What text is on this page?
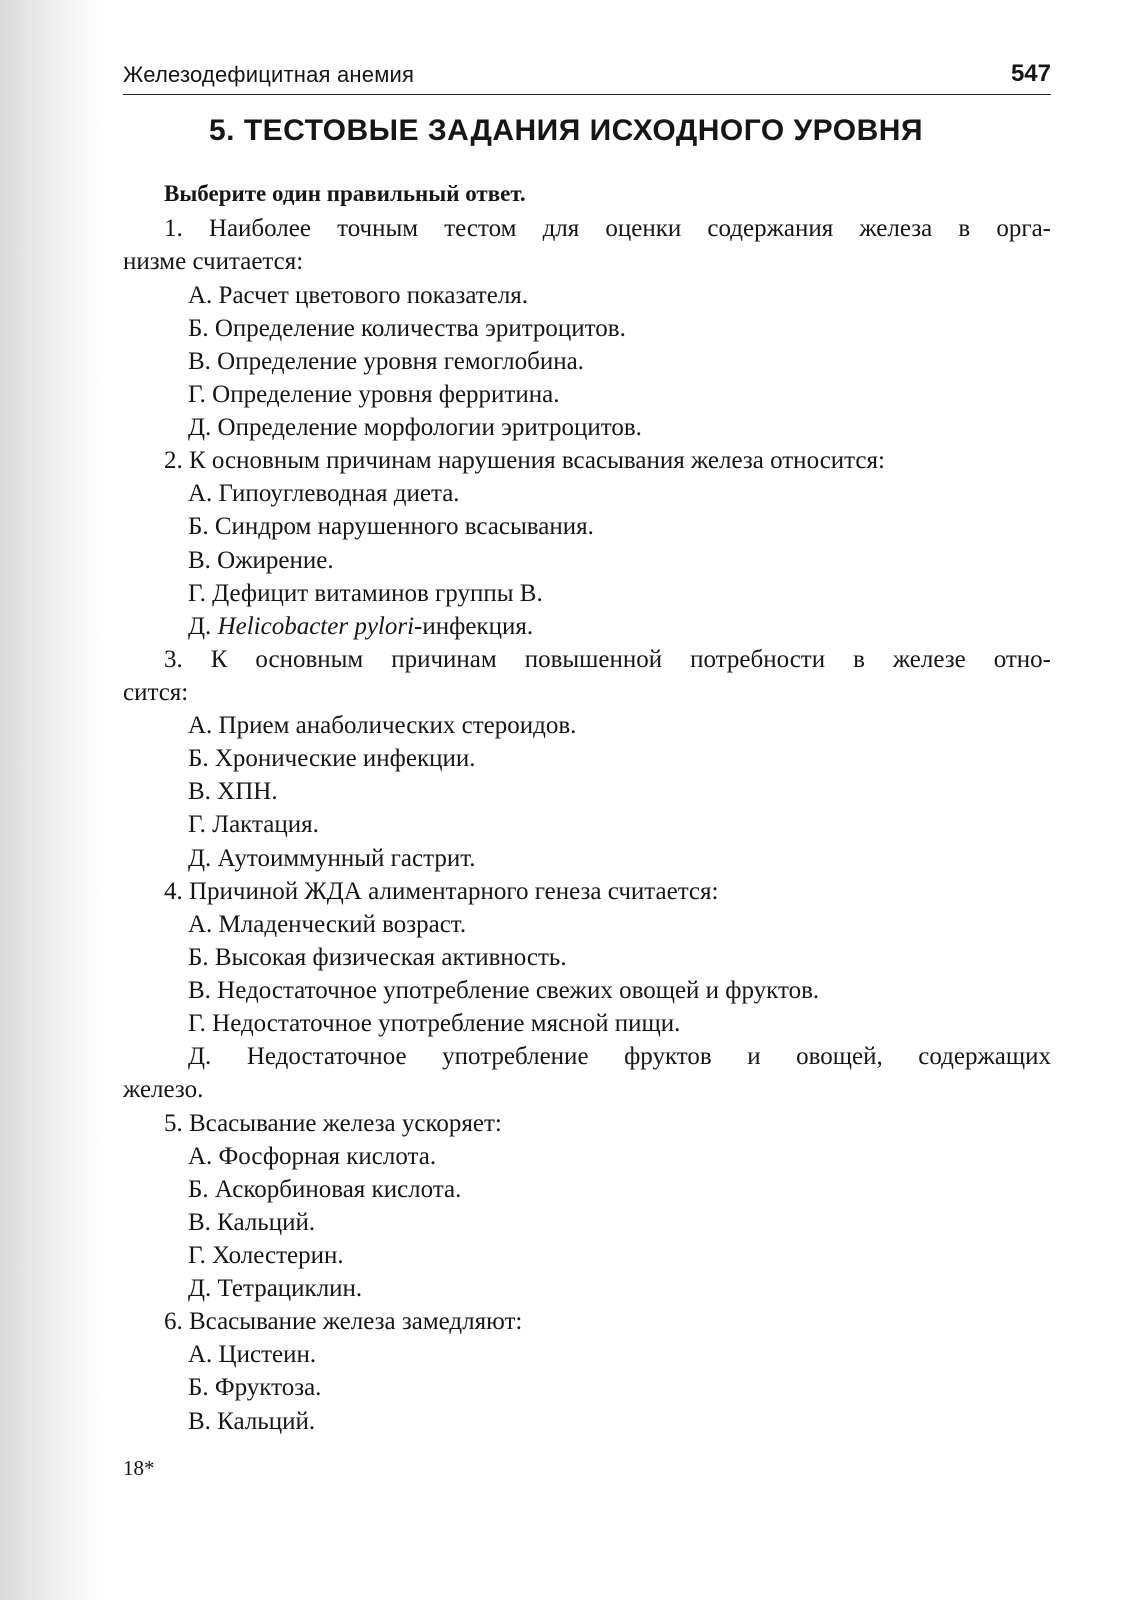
Железодефицитная анемия	547
5. ТЕСТОВЫЕ ЗАДАНИЯ ИСХОДНОГО УРОВНЯ
Выберите один правильный ответ.
1. Наиболее точным тестом для оценки содержания железа в орга-
низме считается:
А. Расчет цветового показателя.
Б. Определение количества эритроцитов.
В. Определение уровня гемоглобина.
Г. Определение уровня ферритина.
Д. Определение морфологии эритроцитов.
2. К основным причинам нарушения всасывания железа относится:
А. Гипоуглеводная диета.
Б. Синдром нарушенного всасывания.
В. Ожирение.
Г. Дефицит витаминов группы В.
Д. Helicobacter pylori-инфекция.
3. К основным причинам повышенной потребности в железе отно-
сится:
А. Прием анаболических стероидов.
Б. Хронические инфекции.
В. ХПН.
Г. Лактация.
Д. Аутоиммунный гастрит.
4. Причиной ЖДА алиментарного генеза считается:
А. Младенческий возраст.
Б. Высокая физическая активность.
В. Недостаточное употребление свежих овощей и фруктов.
Г. Недостаточное употребление мясной пищи.
Д. Недостаточное употребление фруктов и овощей, содержащих
железо.
5. Всасывание железа ускоряет:
А. Фосфорная кислота.
Б. Аскорбиновая кислота.
В. Кальций.
Г. Холестерин.
Д. Тетрациклин.
6. Всасывание железа замедляют:
А. Цистеин.
Б. Фруктоза.
В. Кальций.
18*
